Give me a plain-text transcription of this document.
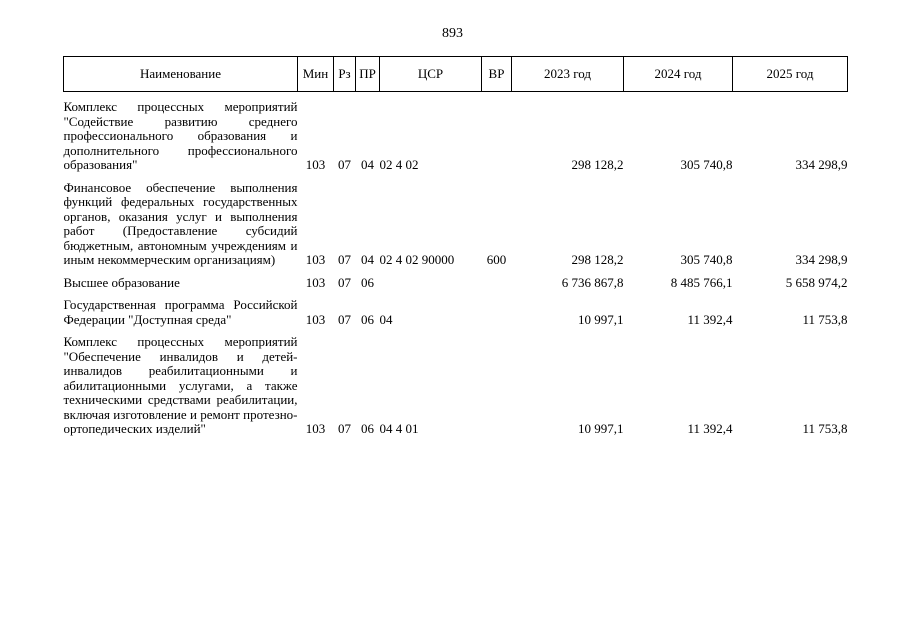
893
Наименование	Мин	Рз	ПР	ЦСР	ВР	2023 год	2024 год	2025 год
Комплекс процессных мероприятий "Содействие развитию среднего профессионального образования и дополнительного профессионального образования"	103	07	04	02 4 02		298 128,2	305 740,8	334 298,9
Финансовое обеспечение выполнения функций федеральных государственных органов, оказания услуг и выполнения работ (Предоставление субсидий бюджетным, автономным учреждениям и иным некоммерческим организациям)	103	07	04	02 4 02 90000	600	298 128,2	305 740,8	334 298,9
Высшее образование	103	07	06			6 736 867,8	8 485 766,1	5 658 974,2
Государственная программа Российской Федерации "Доступная среда"	103	07	06	04		10 997,1	11 392,4	11 753,8
Комплекс процессных мероприятий "Обеспечение инвалидов и детей-инвалидов реабилитационными и абилитационными услугами, а также техническими средствами реабилитации, включая изготовление и ремонт протезно-ортопедических изделий"	103	07	06	04 4 01		10 997,1	11 392,4	11 753,8
